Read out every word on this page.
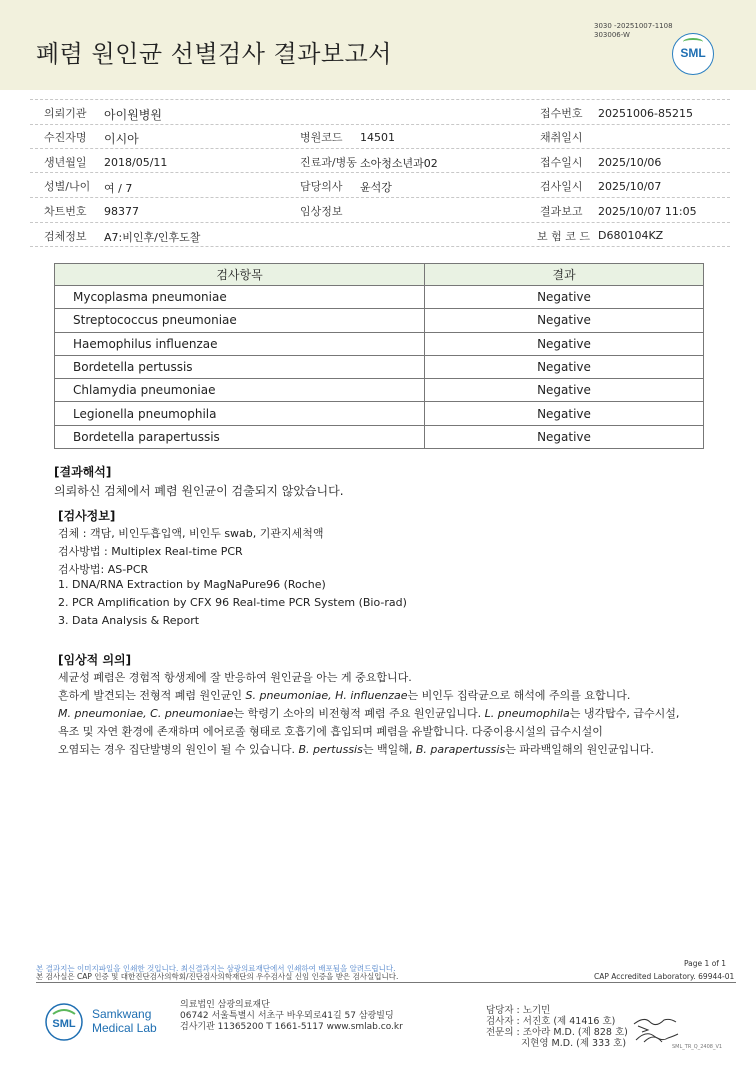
폐렴 원인균 선별검사 결과보고서
3030 -20251007-1108
303006-W
SML
의뢰기관 아이원병원	접수번호 20251006-85215
수진자명 이시아	병원코드 14501	채취일시
생년월일 2018/05/11	진료과/병동 소아청소년과02	접수일시 2025/10/06
성별/나이 여 / 7	담당의사 윤석강	검사일시 2025/10/07
차트번호 98377	임상정보	결과보고 2025/10/07 11:05
검체정보 A7:비인후/인후도찰	보 험 코 드 D680104KZ
검사항목	결과
Mycoplasma pneumoniae	Negative
Streptococcus pneumoniae	Negative
Haemophilus influenzae	Negative
Bordetella pertussis	Negative
Chlamydia pneumoniae	Negative
Legionella pneumophila	Negative
Bordetella parapertussis	Negative
[결과해석]
의뢰하신 검체에서 폐렴 원인균이 검출되지 않았습니다.
[검사정보]
검체 : 객담, 비인두흡입액, 비인두 swab, 기관지세척액
검사방법 : Multiplex Real-time PCR
검사방법: AS-PCR
1. DNA/RNA Extraction by MagNaPure96 (Roche)
2. PCR Amplification by CFX 96 Real-time PCR System (Bio-rad)
3. Data Analysis & Report
[임상적 의의]
세균성 폐렴은 경험적 항생제에 잘 반응하여 원인균을 아는 게 중요합니다.
흔하게 발견되는 전형적 폐렴 원인균인 S. pneumoniae, H. influenzae는 비인두 집락균으로 해석에 주의를 요합니다.
M. pneumoniae, C. pneumoniae는 학령기 소아의 비전형적 폐렴 주요 원인균입니다. L. pneumophila는 냉각탑수, 급수시설,
욕조 및 자연 환경에 존재하며 에어로졸 형태로 호흡기에 흡입되며 폐렴을 유발합니다. 다중이용시설의 급수시설이
오염되는 경우 집단발병의 원인이 될 수 있습니다. B. pertussis는 백일해, B. parapertussis는 파라백일해의 원인균입니다.
Page 1 of 1
본 결과지는 이미지파일을 인쇄한 것입니다. 최신결과지는 삼광의료재단에서 인쇄하여 배포됨을 알려드립니다.
본 검사실은 CAP 인증 및 대한진단검사의학회/진단검사의학재단의 우수검사실 신임 인증을 받은 검사실입니다.	CAP Accredited Laboratory. 69944-01
SML
Samkwang
Medical Lab
의료법인 삼광의료재단
06742 서울특별시 서초구 바우뫼로41길 57 삼광빌딩
검사기관 11365200 T 1661-5117 www.smlab.co.kr
담당자 : 노기민
검사자 : 서진호 (제 41416 호)
전문의 : 조아라 M.D. (제 828 호)
지현영 M.D. (제 333 호)	SML_TR_Q_2408_V1
